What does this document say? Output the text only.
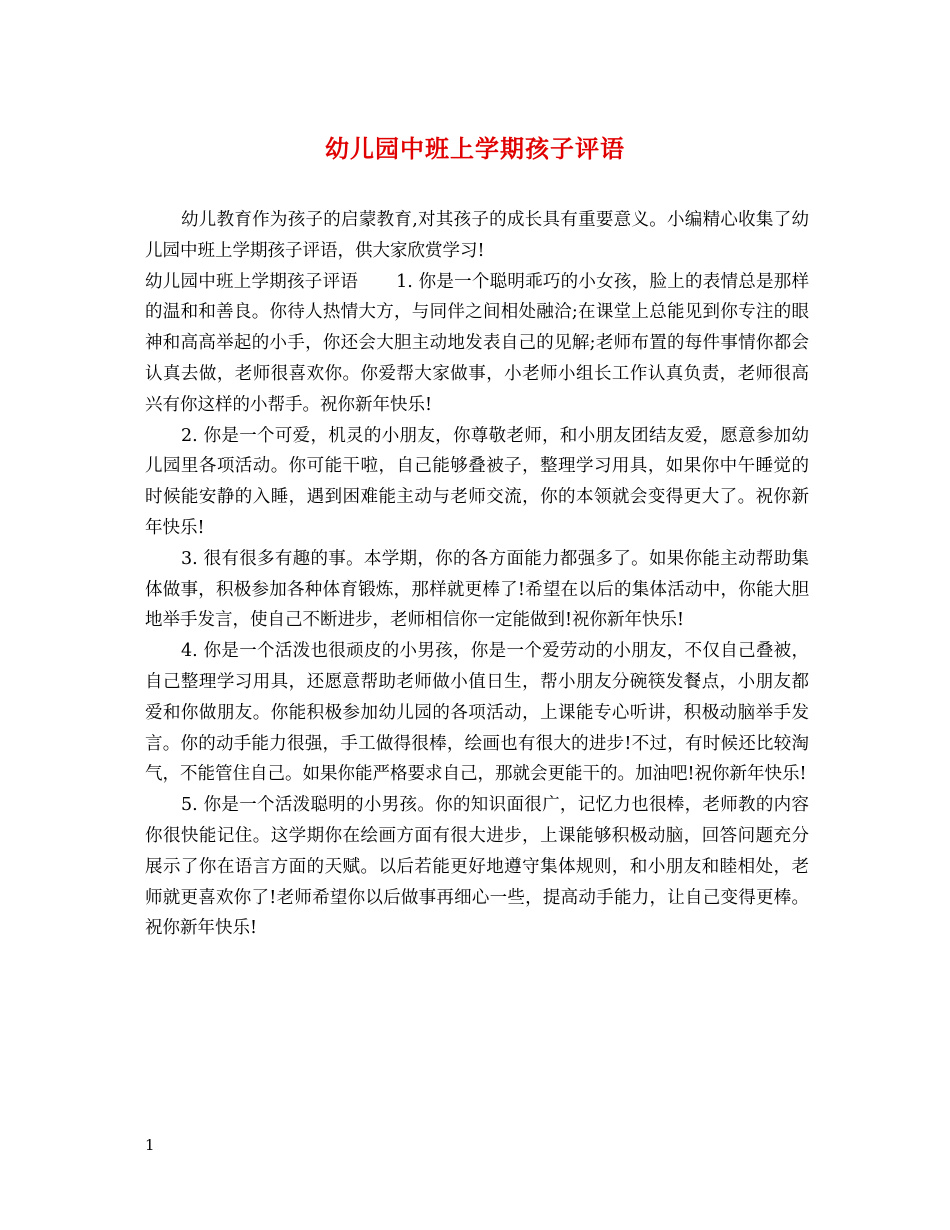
幼儿园中班上学期孩子评语

幼儿教育作为孩子的启蒙教育,对其孩子的成长具有重要意义。小编精心收集了幼儿园中班上学期孩子评语，供大家欣赏学习!

幼儿园中班上学期孩子评语 1. 你是一个聪明乖巧的小女孩，脸上的表情总是那样的温和和善良。你待人热情大方，与同伴之间相处融洽;在课堂上总能见到你专注的眼神和高高举起的小手，你还会大胆主动地发表自己的见解;老师布置的每件事情你都会认真去做，老师很喜欢你。你爱帮大家做事，小老师小组长工作认真负责，老师很高兴有你这样的小帮手。祝你新年快乐!

2. 你是一个可爱，机灵的小朋友，你尊敬老师，和小朋友团结友爱，愿意参加幼儿园里各项活动。你可能干啦，自己能够叠被子，整理学习用具，如果你中午睡觉的时候能安静的入睡，遇到困难能主动与老师交流，你的本领就会变得更大了。祝你新年快乐!

3. 很有很多有趣的事。本学期，你的各方面能力都强多了。如果你能主动帮助集体做事，积极参加各种体育锻炼，那样就更棒了!希望在以后的集体活动中，你能大胆地举手发言，使自己不断进步，老师相信你一定能做到!祝你新年快乐!

4. 你是一个活泼也很顽皮的小男孩，你是一个爱劳动的小朋友，不仅自己叠被，自己整理学习用具，还愿意帮助老师做小值日生，帮小朋友分碗筷发餐点，小朋友都爱和你做朋友。你能积极参加幼儿园的各项活动，上课能专心听讲，积极动脑举手发言。你的动手能力很强，手工做得很棒，绘画也有很大的进步!不过，有时候还比较淘气，不能管住自己。如果你能严格要求自己，那就会更能干的。加油吧!祝你新年快乐!

5. 你是一个活泼聪明的小男孩。你的知识面很广，记忆力也很棒，老师教的内容你很快能记住。这学期你在绘画方面有很大进步，上课能够积极动脑，回答问题充分展示了你在语言方面的天赋。以后若能更好地遵守集体规则，和小朋友和睦相处，老师就更喜欢你了!老师希望你以后做事再细心一些，提高动手能力，让自己变得更棒。祝你新年快乐!

1
